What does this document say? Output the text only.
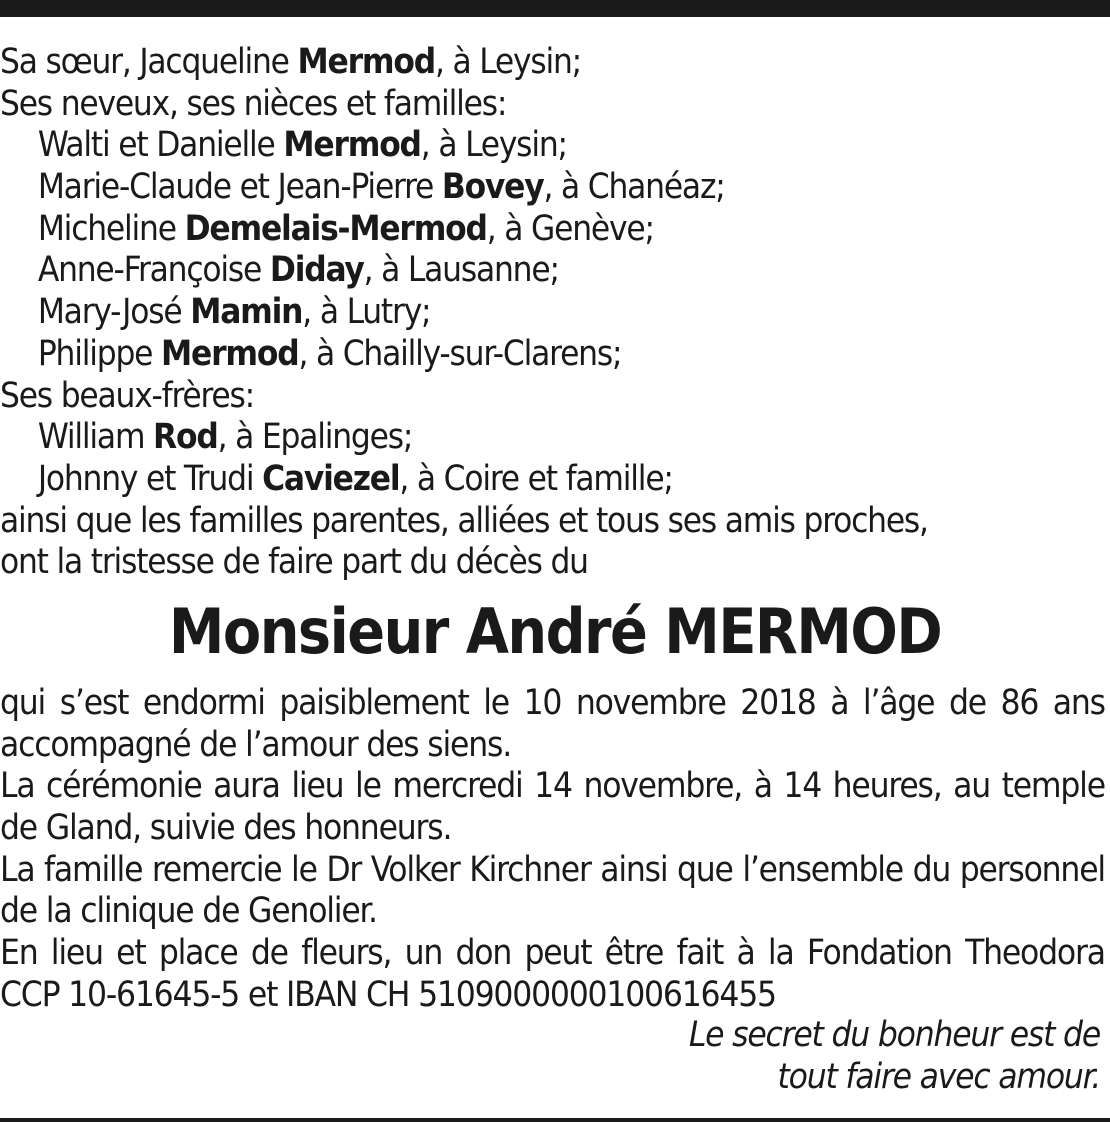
Sa sœur, Jacqueline Mermod, à Leysin;
Ses neveux, ses nièces et familles:
Walti et Danielle Mermod, à Leysin;
Marie-Claude et Jean-Pierre Bovey, à Chanéaz;
Micheline Demelais-Mermod, à Genève;
Anne-Françoise Diday, à Lausanne;
Mary-José Mamin, à Lutry;
Philippe Mermod, à Chailly-sur-Clarens;
Ses beaux-frères:
William Rod, à Epalinges;
Johnny et Trudi Caviezel, à Coire et famille;
ainsi que les familles parentes, alliées et tous ses amis proches,
ont la tristesse de faire part du décès du
Monsieur André MERMOD
qui s’est endormi paisiblement le 10 novembre 2018 à l’âge de 86 ans
accompagné de l’amour des siens.
La cérémonie aura lieu le mercredi 14 novembre, à 14 heures, au temple
de Gland, suivie des honneurs.
La famille remercie le Dr Volker Kirchner ainsi que l’ensemble du personnel
de la clinique de Genolier.
En lieu et place de fleurs, un don peut être fait à la Fondation Theodora
CCP 10-61645-5 et IBAN CH 5109000000100616455
Le secret du bonheur est de
tout faire avec amour.
